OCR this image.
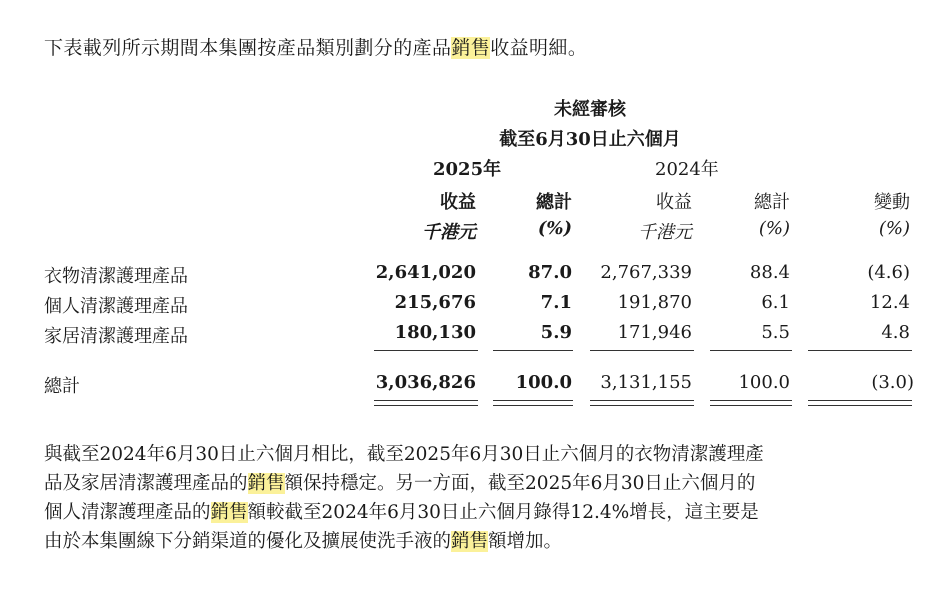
下表載列所示期間本集團按產品類別劃分的產品銷售收益明細。
未經審核
截至6月30日止六個月
2025年	2024年
收益	總計	收益	總計	變動
千港元	(%)	千港元	(%)	(%)
衣物清潔護理產品	2,641,020	87.0	2,767,339	88.4	(4.6)
個人清潔護理產品	215,676	7.1	191,870	6.1	12.4
家居清潔護理產品	180,130	5.9	171,946	5.5	4.8
總計	3,036,826	100.0	3,131,155	100.0	(3.0)
與截至2024年6月30日止六個月相比，截至2025年6月30日止六個月的衣物清潔護理產
品及家居清潔護理產品的銷售額保持穩定。另一方面，截至2025年6月30日止六個月的
個人清潔護理產品的銷售額較截至2024年6月30日止六個月錄得12.4%增長，這主要是
由於本集團線下分銷渠道的優化及擴展使洗手液的銷售額增加。
